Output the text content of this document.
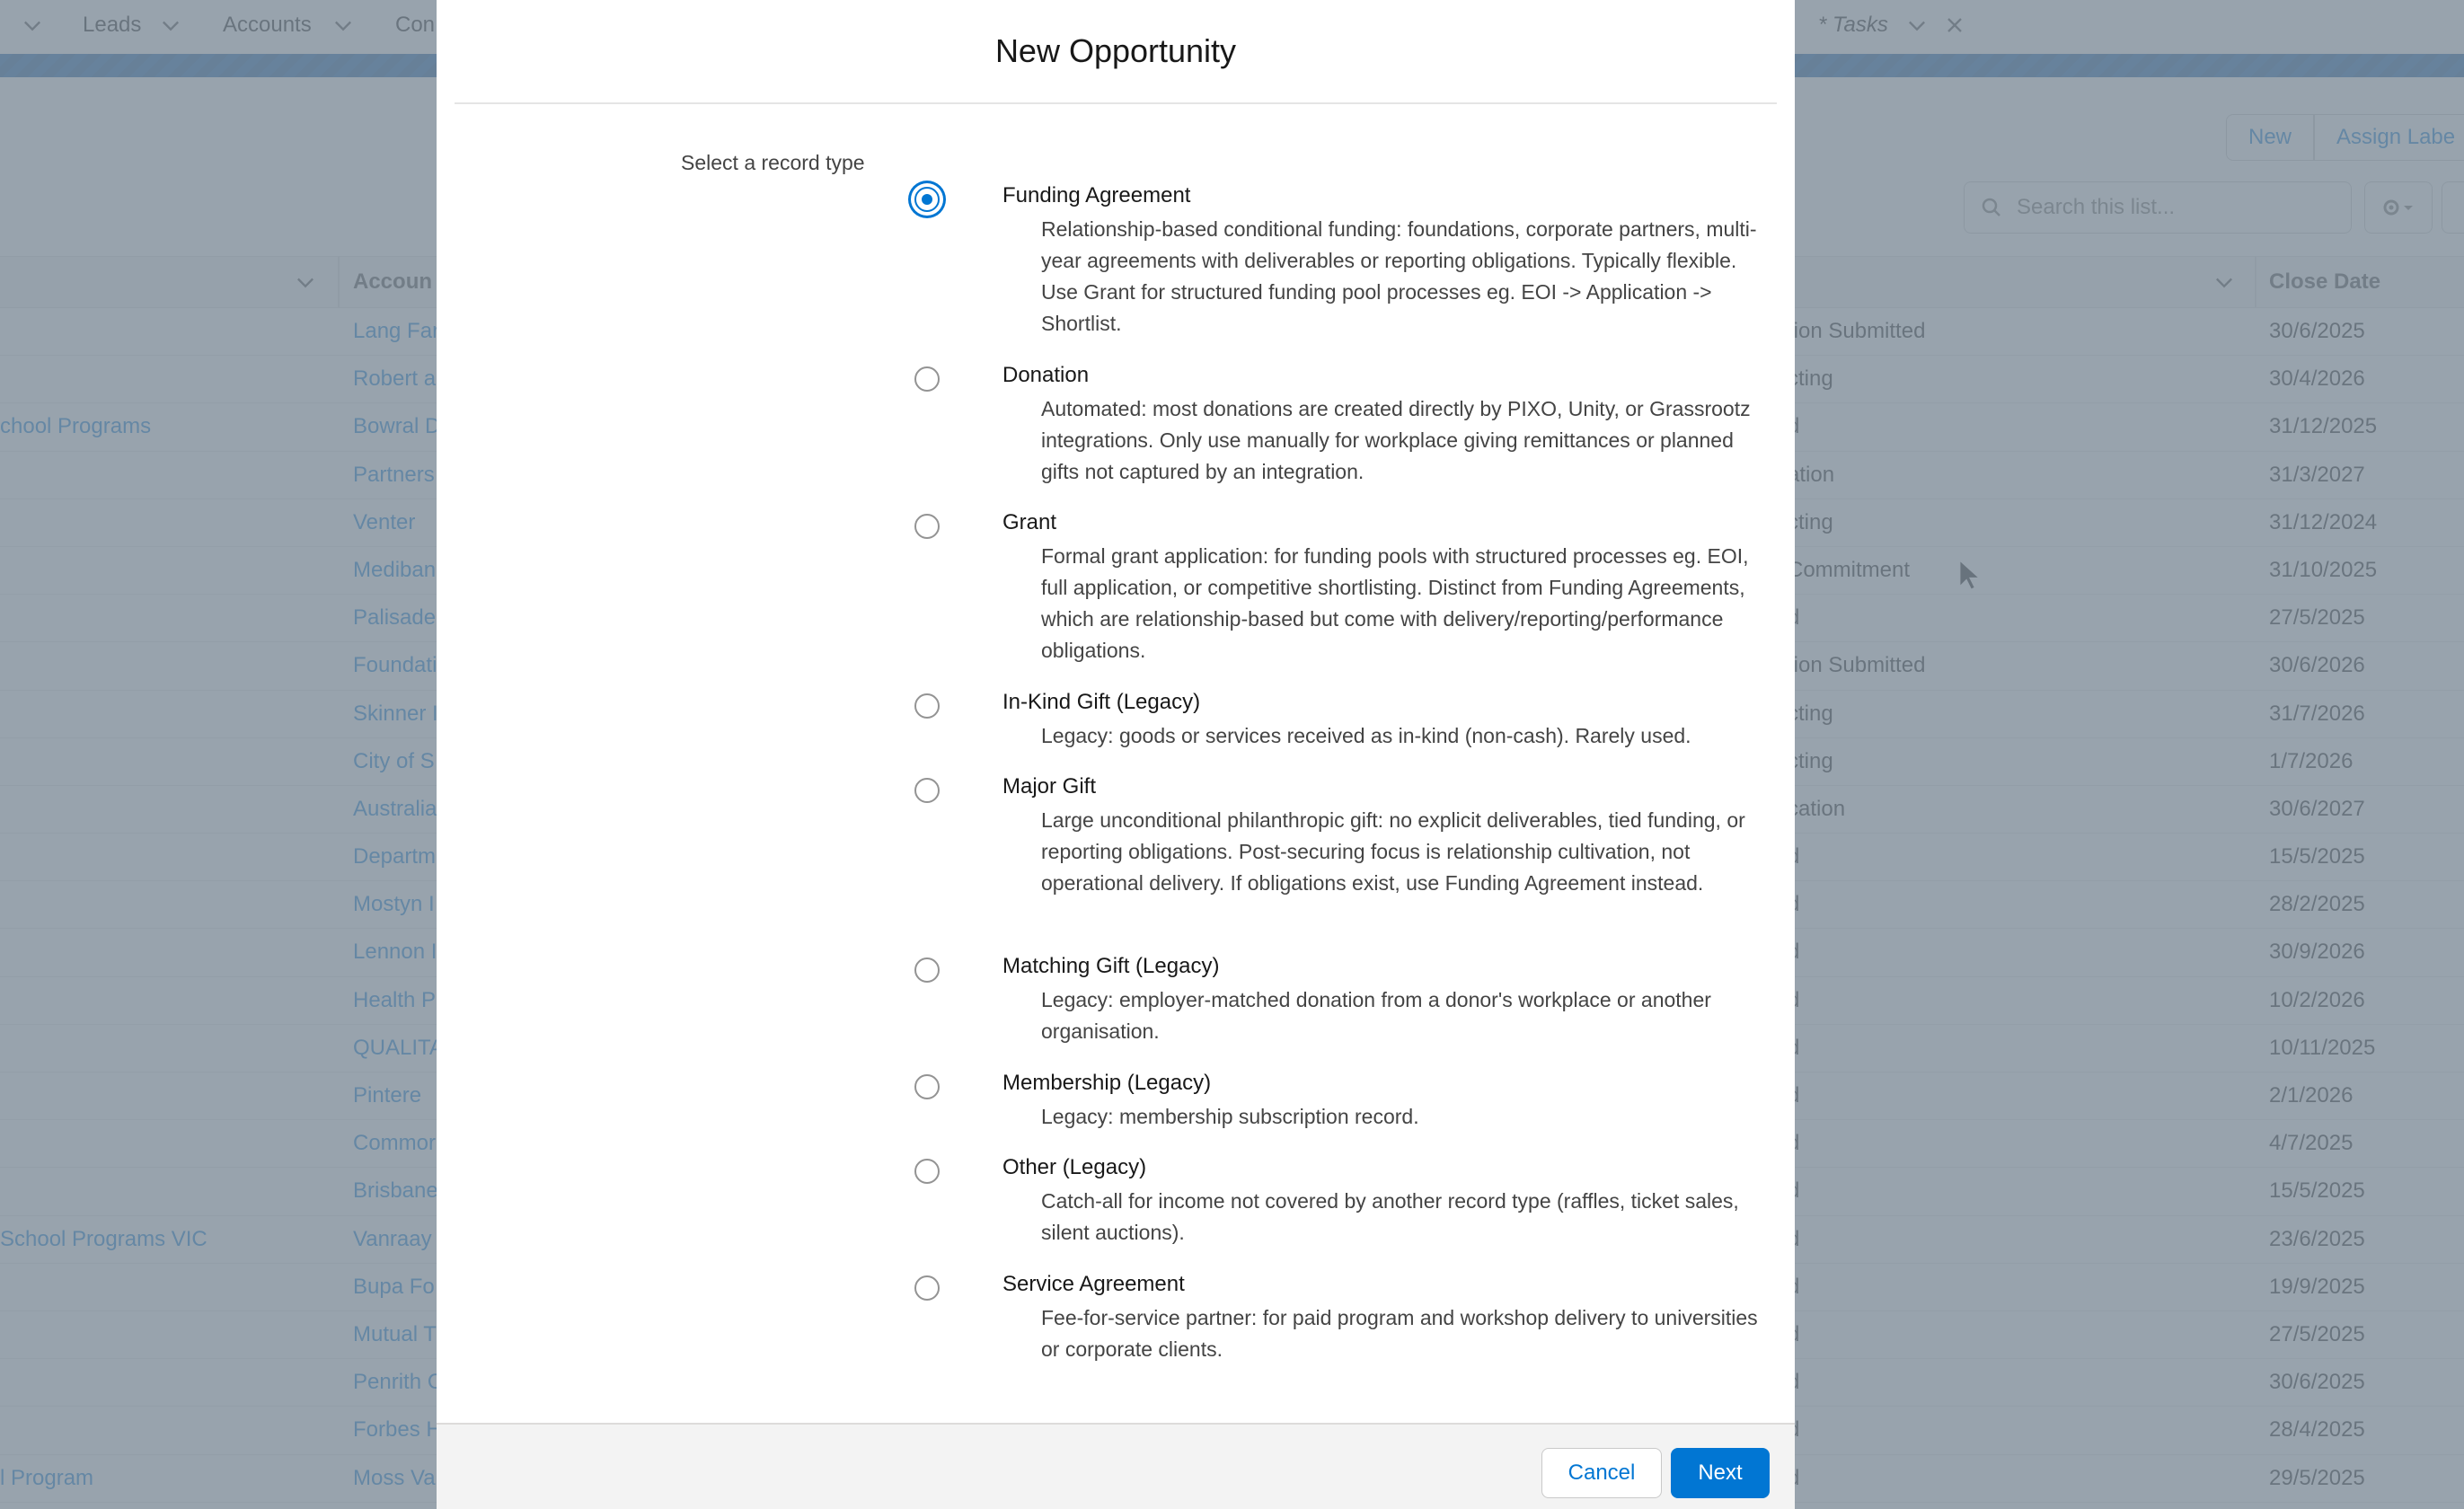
New Opportunity
Select a record type
Funding Agreement
Relationship-based conditional funding: foundations, corporate partners, multi-year agreements with deliverables or reporting obligations. Typically flexible. Use Grant for structured funding pool processes eg. EOI -> Application -> Shortlist.
Donation
Automated: most donations are created directly by PIXO, Unity, or Grassrootz integrations. Only use manually for workplace giving remittances or planned gifts not captured by an integration.
Grant
Formal grant application: for funding pools with structured processes eg. EOI, full application, or competitive shortlisting. Distinct from Funding Agreements, which are relationship-based but come with delivery/reporting/performance obligations.
In-Kind Gift (Legacy)
Legacy: goods or services received as in-kind (non-cash). Rarely used.
Major Gift
Large unconditional philanthropic gift: no explicit deliverables, tied funding, or reporting obligations. Post-securing focus is relationship cultivation, not operational delivery. If obligations exist, use Funding Agreement instead.
Matching Gift (Legacy)
Legacy: employer-matched donation from a donor's workplace or another organisation.
Membership (Legacy)
Legacy: membership subscription record.
Other (Legacy)
Catch-all for income not covered by another record type (raffles, ticket sales, silent auctions).
Service Agreement
Fee-for-service partner: for paid program and workshop delivery to universities or corporate clients.
Cancel	Next
